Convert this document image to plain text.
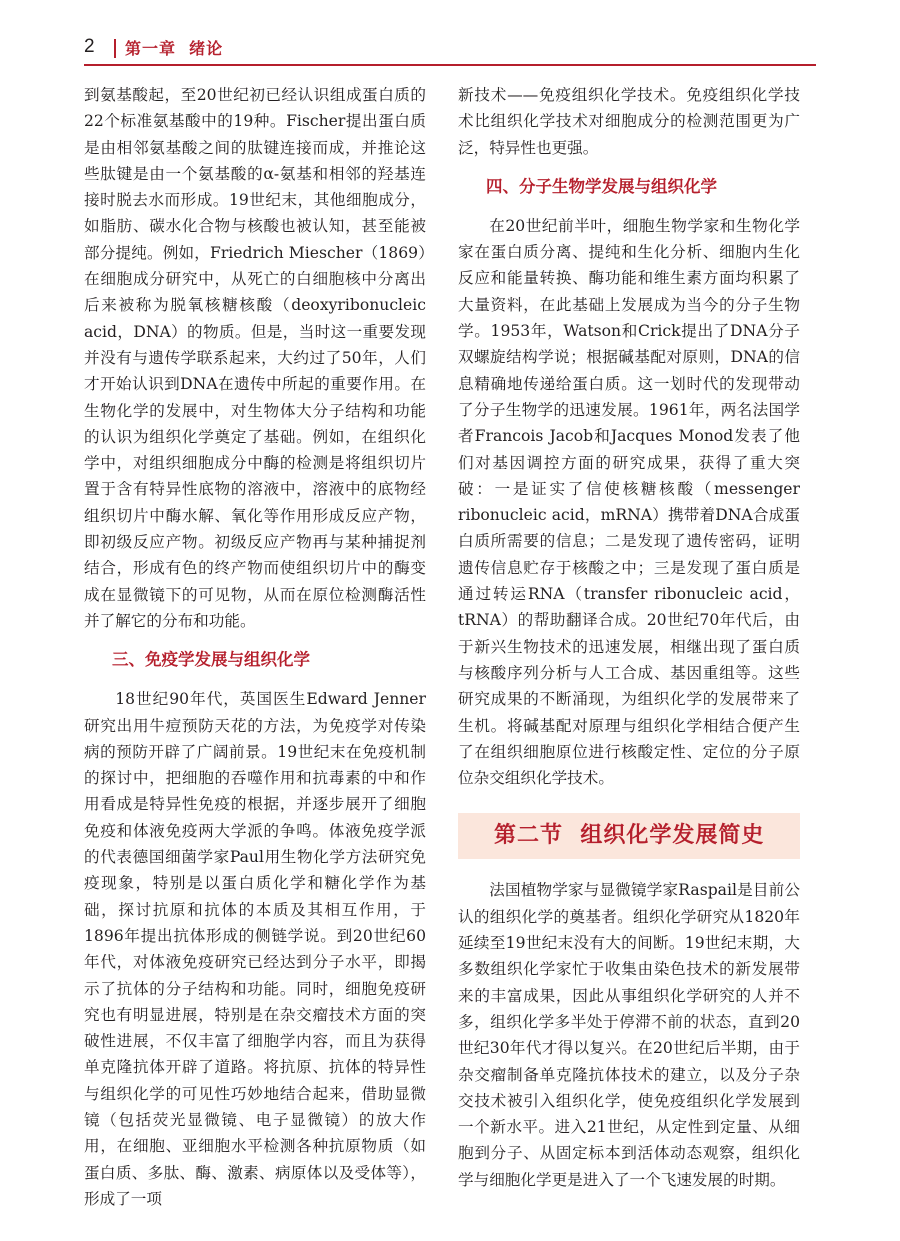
2 第一章  绪论

到氨基酸起，至20世纪初已经认识组成蛋白质的22个标准氨基酸中的19种。Fischer提出蛋白质是由相邻氨基酸之间的肽键连接而成，并推论这些肽键是由一个氨基酸的α-氨基和相邻的羟基连接时脱去水而形成。19世纪末，其他细胞成分，如脂肪、碳水化合物与核酸也被认知，甚至能被部分提纯。例如，Friedrich Miescher（1869）在细胞成分研究中，从死亡的白细胞核中分离出后来被称为脱氧核糖核酸（deoxyribonucleic acid，DNA）的物质。但是，当时这一重要发现并没有与遗传学联系起来，大约过了50年，人们才开始认识到DNA在遗传中所起的重要作用。在生物化学的发展中，对生物体大分子结构和功能的认识为组织化学奠定了基础。例如，在组织化学中，对组织细胞成分中酶的检测是将组织切片置于含有特异性底物的溶液中，溶液中的底物经组织切片中酶水解、氧化等作用形成反应产物，即初级反应产物。初级反应产物再与某种捕捉剂结合，形成有色的终产物而使组织切片中的酶变成在显微镜下的可见物，从而在原位检测酶活性并了解它的分布和功能。

三、免疫学发展与组织化学

18世纪90年代，英国医生Edward Jenner研究出用牛痘预防天花的方法，为免疫学对传染病的预防开辟了广阔前景。19世纪末在免疫机制的探讨中，把细胞的吞噬作用和抗毒素的中和作用看成是特异性免疫的根据，并逐步展开了细胞免疫和体液免疫两大学派的争鸣。体液免疫学派的代表德国细菌学家Paul用生物化学方法研究免疫现象，特别是以蛋白质化学和糖化学作为基础，探讨抗原和抗体的本质及其相互作用，于1896年提出抗体形成的侧链学说。到20世纪60年代，对体液免疫研究已经达到分子水平，即揭示了抗体的分子结构和功能。同时，细胞免疫研究也有明显进展，特别是在杂交瘤技术方面的突破性进展，不仅丰富了细胞学内容，而且为获得单克隆抗体开辟了道路。将抗原、抗体的特异性与组织化学的可见性巧妙地结合起来，借助显微镜（包括荧光显微镜、电子显微镜）的放大作用，在细胞、亚细胞水平检测各种抗原物质（如蛋白质、多肽、酶、激素、病原体以及受体等），形成了一项

新技术——免疫组织化学技术。免疫组织化学技术比组织化学技术对细胞成分的检测范围更为广泛，特异性也更强。

四、分子生物学发展与组织化学

在20世纪前半叶，细胞生物学家和生物化学家在蛋白质分离、提纯和生化分析、细胞内生化反应和能量转换、酶功能和维生素方面均积累了大量资料，在此基础上发展成为当今的分子生物学。1953年，Watson和Crick提出了DNA分子双螺旋结构学说；根据碱基配对原则，DNA的信息精确地传递给蛋白质。这一划时代的发现带动了分子生物学的迅速发展。1961年，两名法国学者Francois Jacob和Jacques Monod发表了他们对基因调控方面的研究成果，获得了重大突破：一是证实了信使核糖核酸（messenger ribonucleic acid，mRNA）携带着DNA合成蛋白质所需要的信息；二是发现了遗传密码，证明遗传信息贮存于核酸之中；三是发现了蛋白质是通过转运RNA（transfer ribonucleic acid，tRNA）的帮助翻译合成。20世纪70年代后，由于新兴生物技术的迅速发展，相继出现了蛋白质与核酸序列分析与人工合成、基因重组等。这些研究成果的不断涌现，为组织化学的发展带来了生机。将碱基配对原理与组织化学相结合便产生了在组织细胞原位进行核酸定性、定位的分子原位杂交组织化学技术。

第二节  组织化学发展简史

法国植物学家与显微镜学家Raspail是目前公认的组织化学的奠基者。组织化学研究从1820年延续至19世纪末没有大的间断。19世纪末期，大多数组织化学家忙于收集由染色技术的新发展带来的丰富成果，因此从事组织化学研究的人并不多，组织化学多半处于停滞不前的状态，直到20世纪30年代才得以复兴。在20世纪后半期，由于杂交瘤制备单克隆抗体技术的建立，以及分子杂交技术被引入组织化学，使免疫组织化学发展到一个新水平。进入21世纪，从定性到定量、从细胞到分子、从固定标本到活体动态观察，组织化学与细胞化学更是进入了一个飞速发展的时期。
